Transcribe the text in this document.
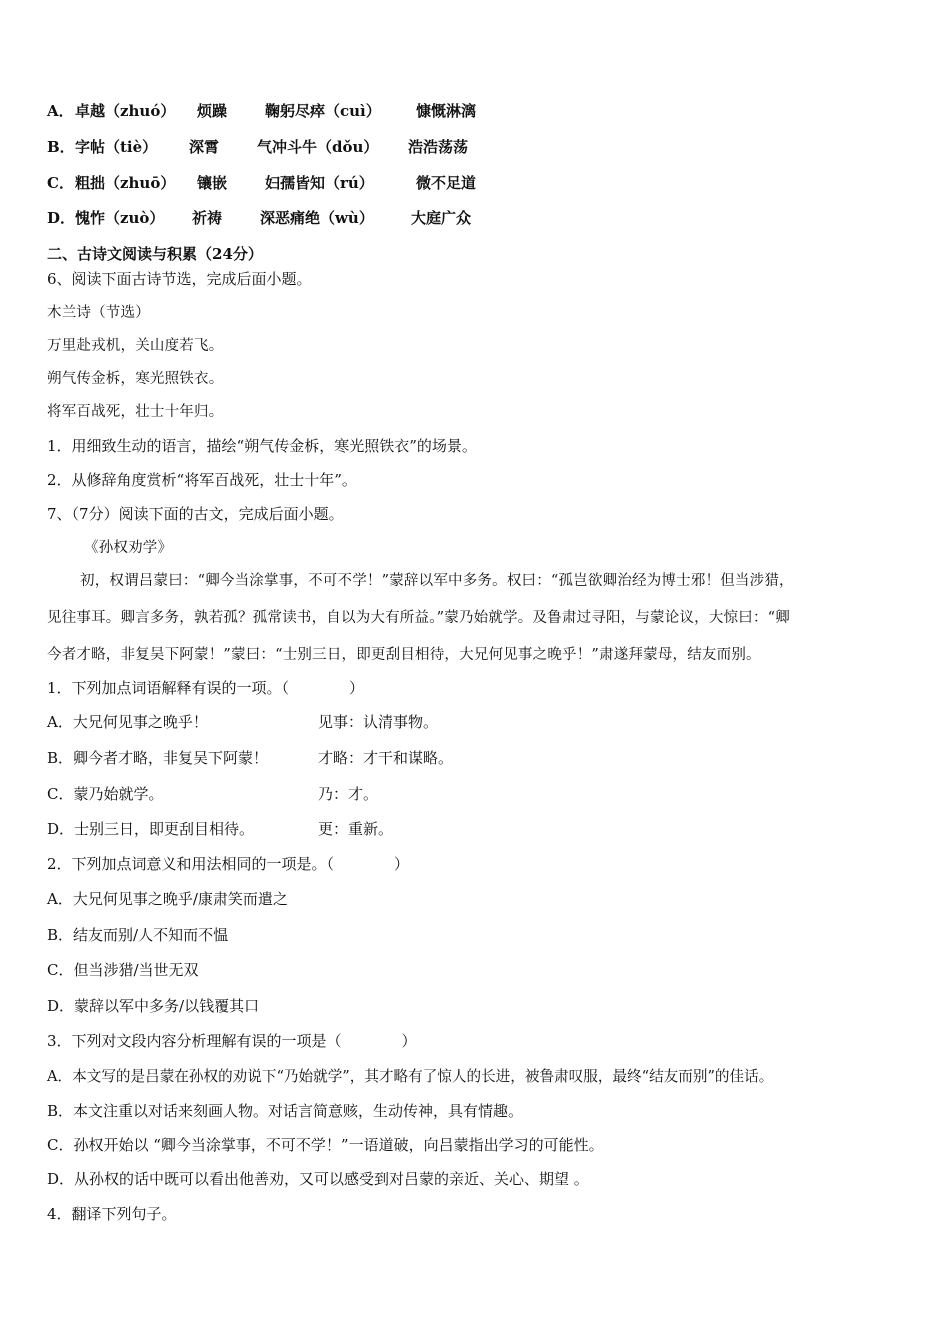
A．卓越（zhuó） 烦躁	鞠躬尽瘁（cuì） 慷慨淋漓
B．字帖（tiè） 深霄	气冲斗牛（dǒu） 浩浩荡荡
C．粗拙（zhuō） 镶嵌	妇孺皆知（rú）	微不足道
D．愧怍（zuò） 祈祷	深恶痛绝（wù） 大庭广众
二、古诗文阅读与积累（24分）
6、阅读下面古诗节选，完成后面小题。
木兰诗（节选）
万里赴戎机，关山度若飞。
朔气传金柝，寒光照铁衣。
将军百战死，壮士十年归。
1．用细致生动的语言，描绘“朔气传金柝，寒光照铁衣”的场景。
2．从修辞角度赏析“将军百战死，壮士十年”。
7、（7分）阅读下面的古文，完成后面小题。
《孙权劝学》
初，权谓吕蒙曰：“卿今当涂掌事，不可不学！”蒙辞以军中多务。权曰：“孤岂欲卿治经为博士邪！但当涉猎，
见往事耳。卿言多务，孰若孤？孤常读书，自以为大有所益。”蒙乃始就学。及鲁肃过寻阳，与蒙论议，大惊曰：“卿
今者才略，非复吴下阿蒙！”蒙曰：“士别三日，即更刮目相待，大兄何见事之晚乎！”肃遂拜蒙母，结友而别。
1．下列加点词语解释有误的一项。（　　　　）
A．大兄何见事之晚乎！	见事：认清事物。
B．卿今者才略，非复吴下阿蒙！	才略：才干和谋略。
C．蒙乃始就学。	乃：才。
D．士别三日，即更刮目相待。	更：重新。
2．下列加点词意义和用法相同的一项是。（　　　　）
A．大兄何见事之晚乎/康肃笑而遣之
B．结友而别/人不知而不愠
C．但当涉猎/当世无双
D．蒙辞以军中多务/以钱覆其口
3．下列对文段内容分析理解有误的一项是（　　　　）
A．本文写的是吕蒙在孙权的劝说下“乃始就学”，其才略有了惊人的长进，被鲁肃叹服，最终“结友而别”的佳话。
B．本文注重以对话来刻画人物。对话言简意赅，生动传神，具有情趣。
C．孙权开始以 “卿今当涂掌事，不可不学！”一语道破，向吕蒙指出学习的可能性。
D．从孙权的话中既可以看出他善劝，又可以感受到对吕蒙的亲近、关心、期望 。
4．翻译下列句子。
